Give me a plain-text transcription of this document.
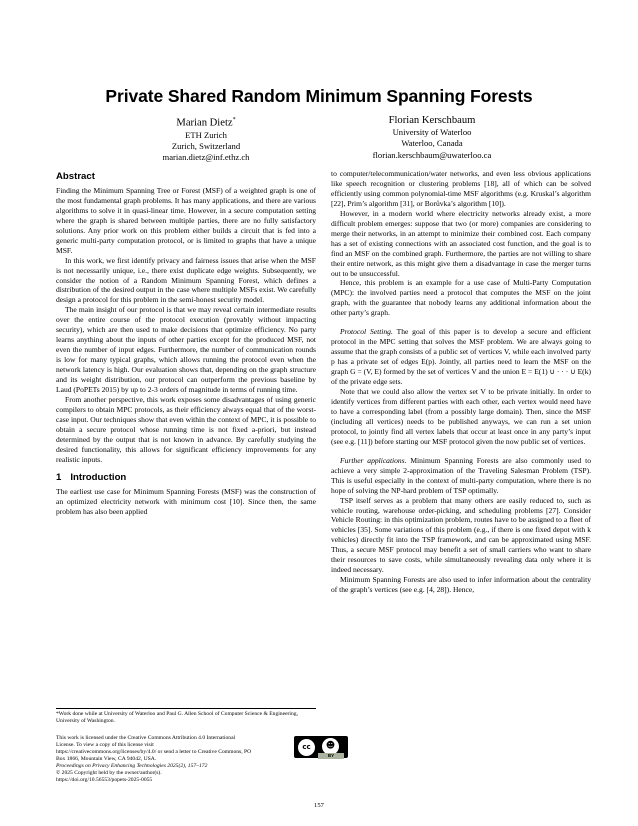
Private Shared Random Minimum Spanning Forests
Marian Dietz*
ETH Zurich
Zurich, Switzerland
marian.dietz@inf.ethz.ch
Florian Kerschbaum
University of Waterloo
Waterloo, Canada
florian.kerschbaum@uwaterloo.ca
Abstract

Finding the Minimum Spanning Tree or Forest (MSF) of a weighted graph is one of the most fundamental graph problems. It has many applications, and there are various algorithms to solve it in quasi-linear time. However, in a secure computation setting where the graph is shared between multiple parties, there are no fully satisfactory solutions. Any prior work on this problem either builds a circuit that is fed into a generic multi-party computation protocol, or is limited to graphs that have a unique MSF.

In this work, we first identify privacy and fairness issues that arise when the MSF is not necessarily unique, i.e., there exist duplicate edge weights. Subsequently, we consider the notion of a Random Minimum Spanning Forest, which defines a distribution of the desired output in the case where multiple MSFs exist. We carefully design a protocol for this problem in the semi-honest security model.

The main insight of our protocol is that we may reveal certain intermediate results over the entire course of the protocol execution (provably without impacting security), which are then used to make decisions that optimize efficiency. No party learns anything about the inputs of other parties except for the produced MSF, not even the number of input edges. Furthermore, the number of communication rounds is low for many typical graphs, which allows running the protocol even when the network latency is high. Our evaluation shows that, depending on the graph structure and its weight distribution, our protocol can outperform the previous baseline by Laud (PoPETs 2015) by up to 2-3 orders of magnitude in terms of running time.

From another perspective, this work exposes some disadvantages of using generic compilers to obtain MPC protocols, as their efficiency always equal that of the worst-case input. Our techniques show that even within the context of MPC, it is possible to obtain a secure protocol whose running time is not fixed a-priori, but instead determined by the output that is not known in advance. By carefully studying the desired functionality, this allows for significant efficiency improvements for any realistic inputs.

1 Introduction

The earliest use case for Minimum Spanning Forests (MSF) was the construction of an optimized electricity network with minimum cost [10]. Since then, the same problem has also been applied

*Work done while at University of Waterloo and Paul G. Allen School of Computer Science & Engineering, University of Washington.
This work is licensed under the Creative Commons Attribution 4.0 International License. To view a copy of this license visit https://creativecommons.org/licenses/by/4.0/ or send a letter to Creative Commons, PO Box 1866, Mountain View, CA 94042, USA.
Proceedings on Privacy Enhancing Technologies 2025(2), 157–172
© 2025 Copyright held by the owner/author(s).
https://doi.org/10.56553/popets-2025-0055
cc	☻
BY

to computer/telecommunication/water networks, and even less obvious applications like speech recognition or clustering problems [18], all of which can be solved efficiently using common polynomial-time MSF algorithms (e.g. Kruskal’s algorithm [22], Prim’s algorithm [31], or Borůvka’s algorithm [10]).

However, in a modern world where electricity networks already exist, a more difficult problem emerges: suppose that two (or more) companies are considering to merge their networks, in an attempt to minimize their combined cost. Each company has a set of existing connections with an associated cost function, and the goal is to find an MSF on the combined graph. Furthermore, the parties are not willing to share their entire network, as this might give them a disadvantage in case the merger turns out to be unsuccessful.

Hence, this problem is an example for a use case of Multi-Party Computation (MPC): the involved parties need a protocol that computes the MSF on the joint graph, with the guarantee that nobody learns any additional information about the other party’s graph.

Protocol Setting. The goal of this paper is to develop a secure and efficient protocol in the MPC setting that solves the MSF problem. We are always going to assume that the graph consists of a public set of vertices V, while each involved party p has a private set of edges E(p). Jointly, all parties need to learn the MSF on the graph G = (V, E) formed by the set of vertices V and the union E = E(1) ∪ · · · ∪ E(k) of the private edge sets.

Note that we could also allow the vertex set V to be private initially. In order to identify vertices from different parties with each other, each vertex would need have to have a corresponding label (from a possibly large domain). Then, since the MSF (including all vertices) needs to be published anyways, we can run a set union protocol, to jointly find all vertex labels that occur at least once in any party’s input (see e.g. [11]) before starting our MSF protocol given the now public set of vertices.

Further applications. Minimum Spanning Forests are also commonly used to achieve a very simple 2-approximation of the Traveling Salesman Problem (TSP). This is useful especially in the context of multi-party computation, where there is no hope of solving the NP-hard problem of TSP optimally.

TSP itself serves as a problem that many others are easily reduced to, such as vehicle routing, warehouse order-picking, and scheduling problems [27]. Consider Vehicle Routing: in this optimization problem, routes have to be assigned to a fleet of vehicles [35]. Some variations of this problem (e.g., if there is one fixed depot with k vehicles) directly fit into the TSP framework, and can be approximated using MSF. Thus, a secure MSF protocol may benefit a set of small carriers who want to share their resources to save costs, while simultaneously revealing data only where it is indeed necessary.

Minimum Spanning Forests are also used to infer information about the centrality of the graph’s vertices (see e.g. [4, 28]). Hence,

157
